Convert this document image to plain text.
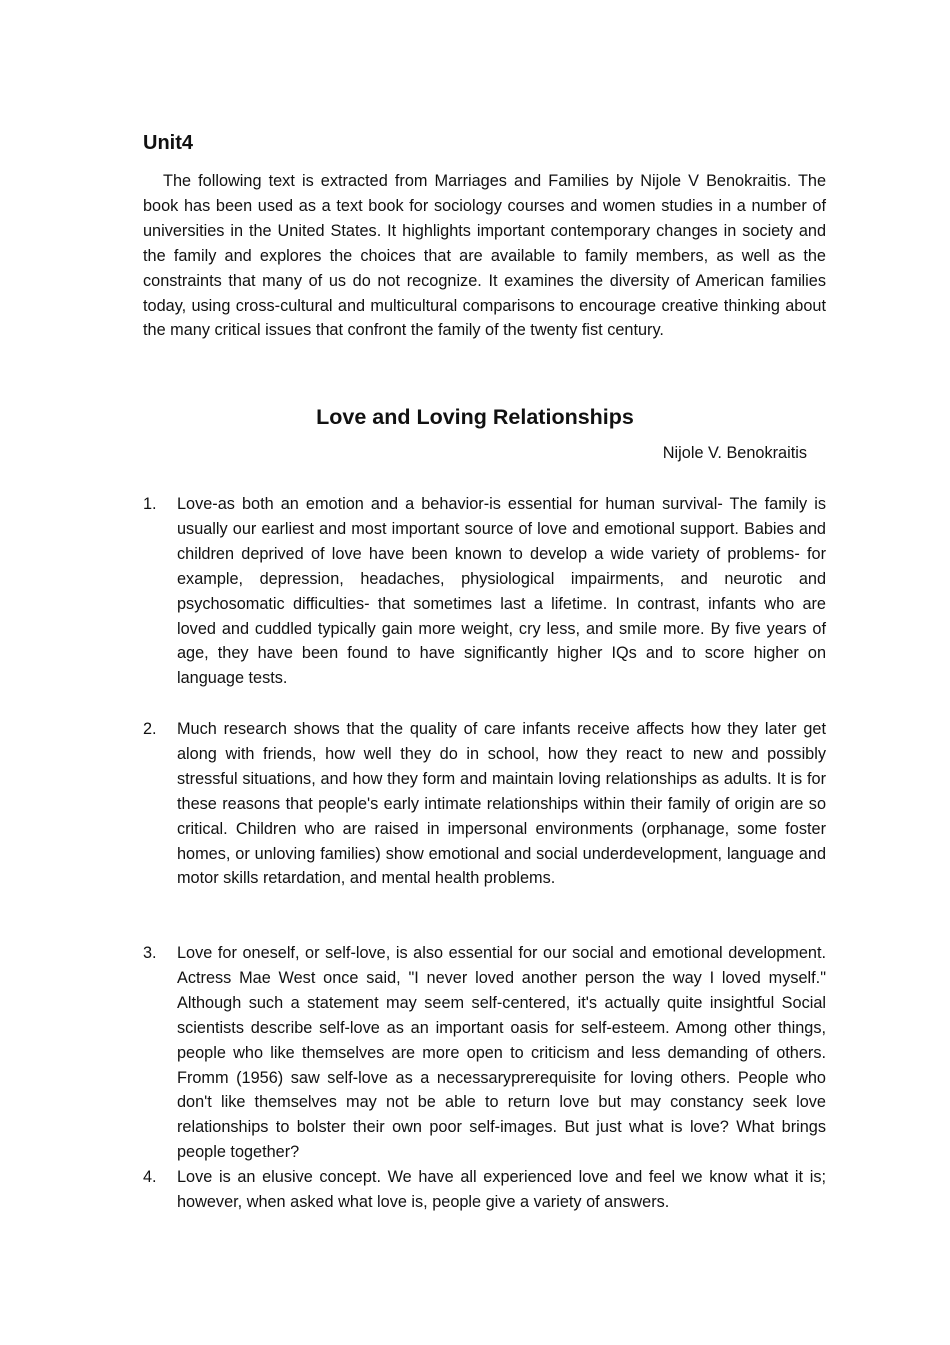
Unit4

The following text is extracted from Marriages and Families by Nijole V Benokraitis. The book has been used as a text book for sociology courses and women studies in a number of universities in the United States. It highlights important contemporary changes in society and the family and explores the choices that are available to family members, as well as the constraints that many of us do not recognize. It examines the diversity of American families today, using cross-cultural and multicultural comparisons to encourage creative thinking about the many critical issues that confront the family of the twenty fist century.

Love and Loving Relationships

Nijole V. Benokraitis

1.	Love-as both an emotion and a behavior-is essential for human survival- The family is usually our earliest and most important source of love and emotional support. Babies and children deprived of love have been known to develop a wide variety of problems- for example, depression, headaches, physiological impairments, and neurotic and psychosomatic difficulties- that sometimes last a lifetime. In contrast, infants who are loved and cuddled typically gain more weight, cry less, and smile more. By five years of age, they have been found to have significantly higher IQs and to score higher on language tests.

2.	Much research shows that the quality of care infants receive affects how they later get along with friends, how well they do in school, how they react to new and possibly stressful situations, and how they form and maintain loving relationships as adults. It is for these reasons that people's early intimate relationships within their family of origin are so critical. Children who are raised in impersonal environments (orphanage, some foster homes, or unloving families) show emotional and social underdevelopment, language and motor skills retardation, and mental health problems.

3.	Love for oneself, or self-love, is also essential for our social and emotional development. Actress Mae West once said, "I never loved another person the way I loved myself." Although such a statement may seem self-centered, it's actually quite insightful Social scientists describe self-love as an important oasis for self-esteem. Among other things, people who like themselves are more open to criticism and less demanding of others. Fromm (1956) saw self-love as a necessaryprerequisite for loving others. People who don't like themselves may not be able to return love but may constancy seek love relationships to bolster their own poor self-images. But just what is love? What brings people together?

4.	Love is an elusive concept. We have all experienced love and feel we know what it is; however, when asked what love is, people give a variety of answers.
